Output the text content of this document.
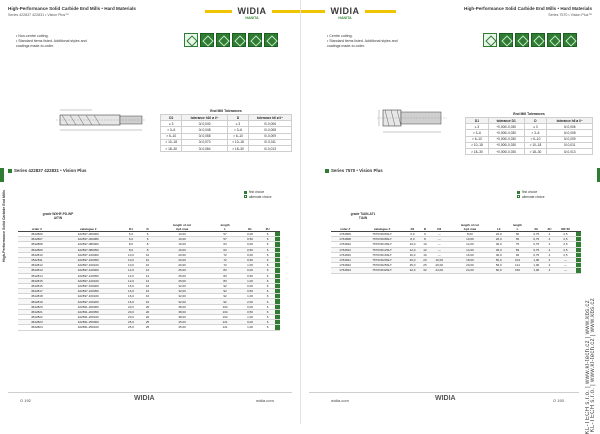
High-Performance Solid Carbide End Mills • Hard Materials
Series 422837 422831 • Vision Plus™	WIDIA
HANITA
• Non-centre cutting.
• Standard items listed. Additional styles and
coatings made-to-order.
End Mill Tolerances
D1	tolerance h10 ø l/~	D	tolerance h6 ø l/~
≤ 3	0/-0,040	≤ 3	0/-0,006
> 3–6	0/-0,048	> 3–6	0/-0,008
> 6–10	0/-0,058	> 6–10	0/-0,009
> 10–18	0/-0,070	> 10–18	0/-0,011
> 18–30	0/-0,084	> 18–30	0/-0,013
Series 422837 422831 • Vision Plus
first choice
alternate choice
grade WXHF-PD-WP
AITiN
High-Performance Solid Carbide End Mills	order #	catalogue #	D1	D	length of cut
Ap1 max	length
L	Rε	ZU	
4542806	422837-060000	6,0	6	10,00	57	0,00	6	
4542807	422837-060080	6,0	6	10,00	57	0,50	6	
4542808	422837-080000	8,0	8	16,00	63	0,00	6	
4542809	422837-080050	8,0	8	16,00	63	0,50	6	
4542810	422837-100000	10,0	10	20,00	72	0,00	6	
4542811	422837-100050	10,0	10	20,00	72	0,50	6	
4542812	422837-100100	10,0	10	20,00	72	1,00	6	
4542813	422837-120000	12,0	12	25,00	83	0,00	6	
4542814	422837-120050	12,0	12	25,00	83	0,50	6	
4542815	422837-120100	12,0	12	25,00	83	1,00	6	
4542816	422837-160000	16,0	16	32,00	92	0,00	6	
4542817	422837-160050	16,0	16	32,00	92	0,50	6	
4542818	422837-160100	16,0	16	32,00	92	1,00	6	
4542819	422837-160200	16,0	16	32,00	92	2,00	6	
4542820	422831-200000	20,0	20	38,00	104	0,00	6	
4542821	422831-200050	20,0	20	38,00	104	0,50	6	
4542822	422831-200100	20,0	20	38,00	104	1,00	6	
4542823	422831-250000	25,0	25	45,00	121	0,00	6	
4542824	422831-250100	25,0	25	45,00	121	1,00	6	
O 192	WIDIA	widia.com
High-Performance Solid Carbide End Mills • Hard Materials
Series 7570 • Vision Plus™
WIDIA
HANITA
• Centre cutting.
• Standard items listed. Additional styles and
coatings made-to-order.
End Mill Tolerances
D1	tolerance D1	D	tolerance h6 ø l/~
≤ 3	+0,000/-0,030	≤ 3	0/-0,006
> 3–6	+0,000/-0,030	> 3–6	0/-0,008
> 6–10	+0,000/-0,030	> 6–10	0/-0,009
> 10–18	+0,000/-0,030	> 10–18	0/-0,011
> 18–30	+0,000/-0,030	> 18–30	0/-0,013
Series 7570 • Vision Plus
first choice
alternate choice
grade TiAlN-AT1
TiAlN
KL-TECH s.r.o. | www.kl-tech.cz | www.kbs.cz
order #	catalogue #	D1	D	D3	length of cut
Ap1 max	L3	length
L	Rε	ZU	RE°/N	
1764806	7570VD06SLT	6,0	6	—	8,00	22,0	60	0,75	4	2,5	
1764808	7570VD08SLT	8,0	8	—	10,00	26,0	65	0,75	4	2,5	
1764810	7570VD10SLT	10,0	10	—	12,00	30,0	75	0,75	4	2,5	
1764812	7570VD12SLT	12,0	12	—	14,00	36,0	83	0,75	4	2,5	
1764816	7570VD16SLT	16,0	16	—	16,00	40,0	92	0,75	4	2,5	
1764821	7570VD20SLT	20,0	20	16,00	18,00	50,0	104	1,00	4	—	
1764822	7570VD25SLT	25,0	25	20,00	20,00	56,0	121	1,00	4	—	
1764824	7570VD32SLT	32,0	32	24,00	24,00	60,0	150	1,00	4	—	
widia.com	WIDIA	O 193	KL-TECH s.r.o. | www.kl-tech.cz | www.kbs.cz
